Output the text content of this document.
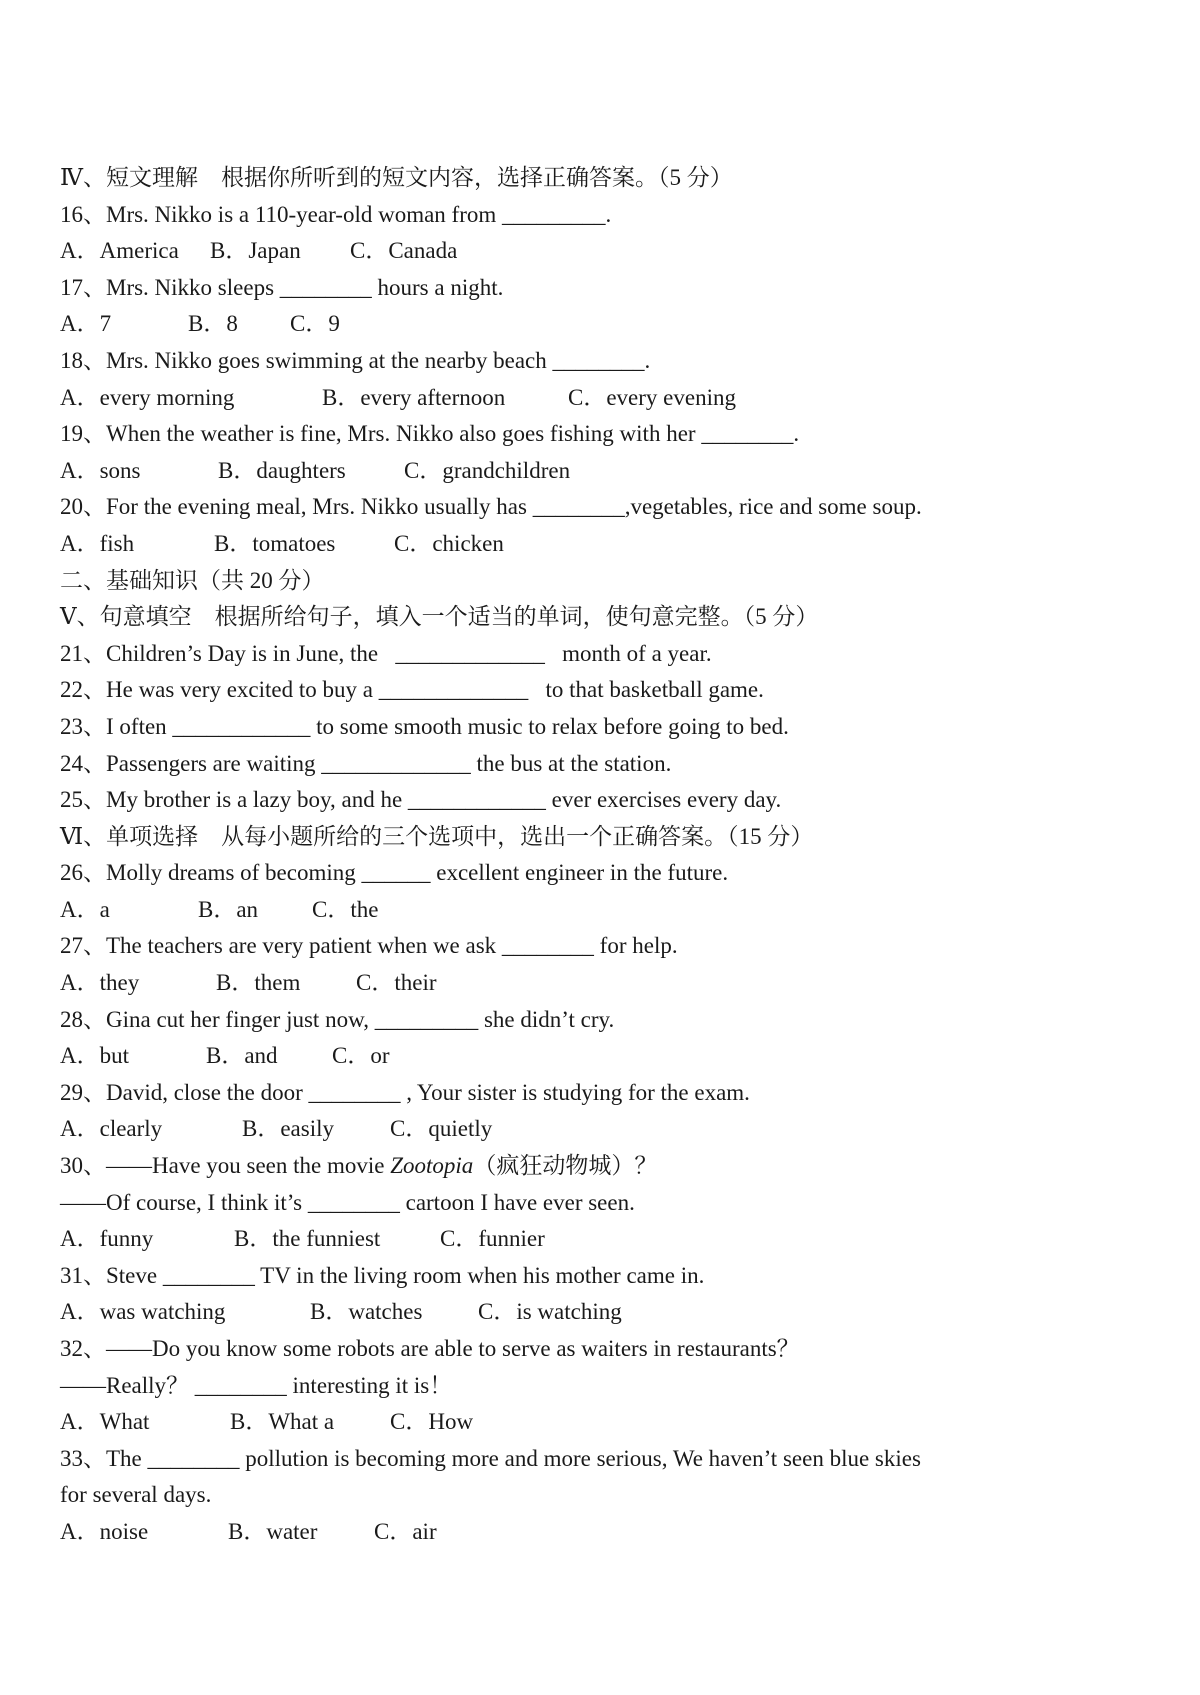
Ⅳ、短文理解　根据你所听到的短文内容，选择正确答案。（5 分）
16、Mrs. Nikko is a 110-year-old woman from _________.
A．America B．Japan C．Canada
17、Mrs. Nikko sleeps ________ hours a night.
A．7	B．8 C．9
18、Mrs. Nikko goes swimming at the nearby beach ________.
A．every morning	B．every afternoon	C．every evening
19、When the weather is fine, Mrs. Nikko also goes fishing with her ________.
A．sons	B．daughters	C．grandchildren
20、For the evening meal, Mrs. Nikko usually has ________,vegetables, rice and some soup.
A．fish	B．tomatoes	C．chicken
二、基础知识（共 20 分）
Ⅴ、句意填空　根据所给句子，填入一个适当的单词，使句意完整。（5 分）
21、Children’s Day is in June, the   _____________   month of a year.
22、He was very excited to buy a _____________   to that basketball game.
23、I often ____________ to some smooth music to relax before going to bed.
24、Passengers are waiting _____________ the bus at the station.
25、My brother is a lazy boy, and he ____________ ever exercises every day.
Ⅵ、单项选择　从每小题所给的三个选项中，选出一个正确答案。（15 分）
26、Molly dreams of becoming ______ excellent engineer in the future.
A．a	B．an C．the
27、The teachers are very patient when we ask ________ for help.
A．they	B．them C．their
28、Gina cut her finger just now, _________ she didn’t cry.
A．but	B．and C．or
29、David, close the door ________ , Your sister is studying for the exam.
A．clearly	B．easily C．quietly
30、——Have you seen the movie Zootopia（疯狂动物城）？
——Of course, I think it’s ________ cartoon I have ever seen.
A．funny	B．the funniest	C．funnier
31、Steve ________ TV in the living room when his mother came in.
A．was watching	B．watches C．is watching
32、——Do you know some robots are able to serve as waiters in restaurants？
——Really？ ________ interesting it is！
A．What	B．What a C．How
33、The ________ pollution is becoming more and more serious, We haven’t seen blue skies
for several days.
A．noise	B．water C．air
